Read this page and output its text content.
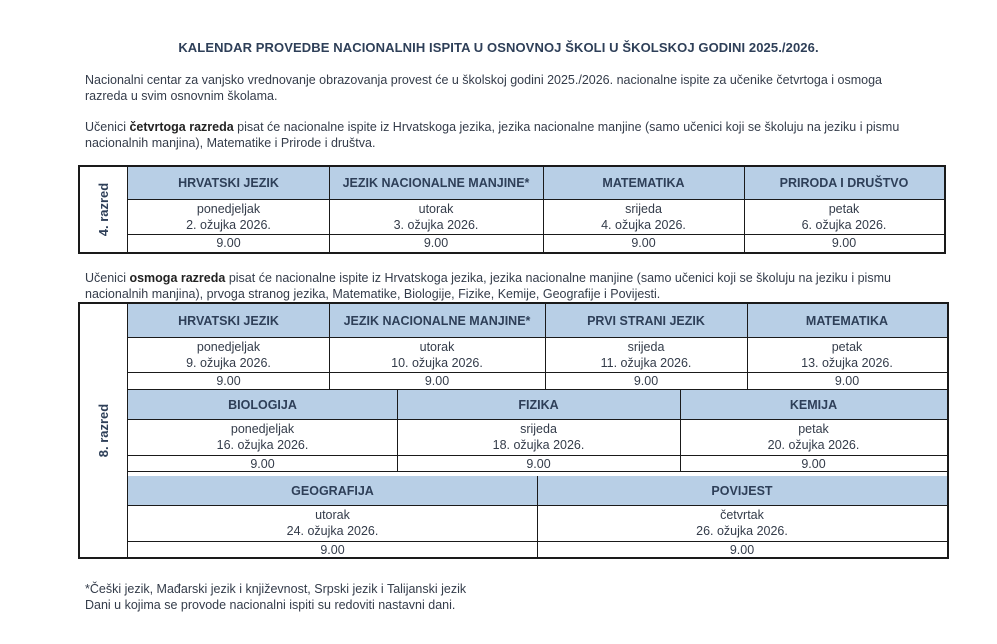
KALENDAR PROVEDBE NACIONALNIH ISPITA U OSNOVNOJ ŠKOLI U ŠKOLSKOJ GODINI 2025./2026.
Nacionalni centar za vanjsko vrednovanje obrazovanja provest će u školskoj godini 2025./2026. nacionalne ispite za učenike četvrtoga i osmoga razreda u svim osnovnim školama.
Učenici četvrtoga razreda pisat će nacionalne ispite iz Hrvatskoga jezika, jezika nacionalne manjine (samo učenici koji se školuju na jeziku i pismu nacionalnih manjina), Matematike i Prirode i društva.
4. razred	HRVATSKI JEZIK
ponedjeljak
2. ožujka 2026.
9.00
JEZIK NACIONALNE MANJINE*
utorak
3. ožujka 2026.
9.00
MATEMATIKA
srijeda
4. ožujka 2026.
9.00
PRIRODA I DRUŠTVO
petak
6. ožujka 2026.
9.00
Učenici osmoga razreda pisat će nacionalne ispite iz Hrvatskoga jezika, jezika nacionalne manjine (samo učenici koji se školuju na jeziku i pismu nacionalnih manjina), prvoga stranog jezika, Matematike, Biologije, Fizike, Kemije, Geografije i Povijesti.
8. razred
HRVATSKI JEZIK
ponedjeljak
9. ožujka 2026.
9.00
JEZIK NACIONALNE MANJINE*
utorak
10. ožujka 2026.
9.00
PRVI STRANI JEZIK
srijeda
11. ožujka 2026.
9.00
MATEMATIKA
petak
13. ožujka 2026.
9.00
BIOLOGIJA
ponedjeljak
16. ožujka 2026.
9.00
FIZIKA
srijeda
18. ožujka 2026.
9.00
KEMIJA
petak
20. ožujka 2026.
9.00
GEOGRAFIJA
utorak
24. ožujka 2026.
9.00
POVIJEST
četvrtak
26. ožujka 2026.
9.00
*Češki jezik, Mađarski jezik i književnost, Srpski jezik i Talijanski jezik
Dani u kojima se provode nacionalni ispiti su redoviti nastavni dani.
